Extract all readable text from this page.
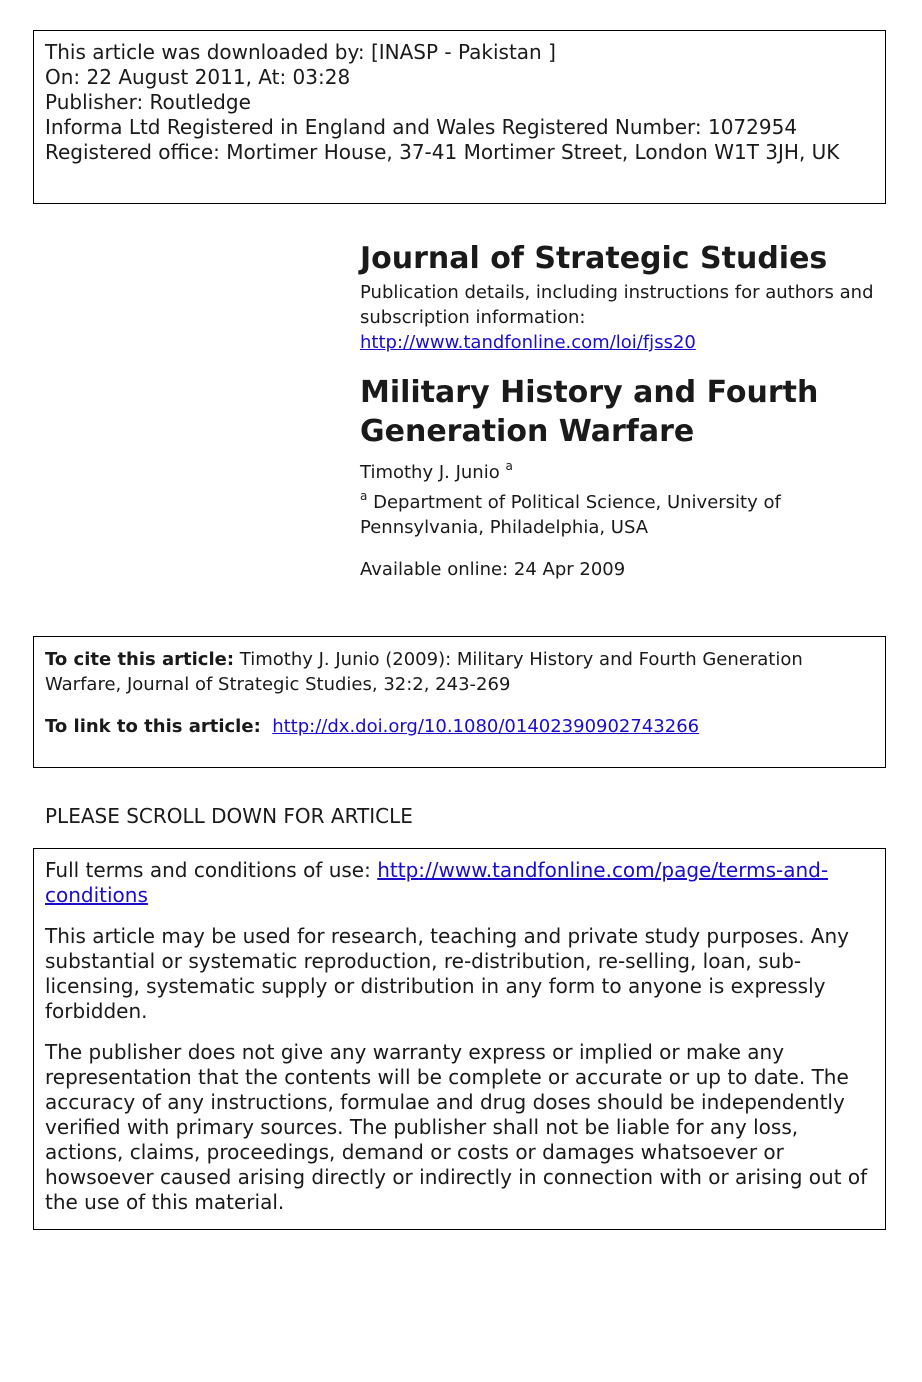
This article was downloaded by: [INASP - Pakistan ]
On: 22 August 2011, At: 03:28
Publisher: Routledge
Informa Ltd Registered in England and Wales Registered Number: 1072954
Registered office: Mortimer House, 37-41 Mortimer Street, London W1T 3JH, UK
Journal of Strategic Studies
Publication details, including instructions for authors and subscription information:
http://www.tandfonline.com/loi/fjss20
Military History and Fourth Generation Warfare
Timothy J. Junio $^a$
$^a$ Department of Political Science, University of Pennsylvania, Philadelphia, USA
Available online: 24 Apr 2009
To cite this article: Timothy J. Junio (2009): Military History and Fourth Generation Warfare, Journal of Strategic Studies, 32:2, 243-269
To link to this article: http://dx.doi.org/10.1080/01402390902743266
PLEASE SCROLL DOWN FOR ARTICLE

Full terms and conditions of use: http://www.tandfonline.com/page/terms-and-conditions

This article may be used for research, teaching and private study purposes. Any substantial or systematic reproduction, re-distribution, re-selling, loan, sub-licensing, systematic supply or distribution in any form to anyone is expressly forbidden.

The publisher does not give any warranty express or implied or make any representation that the contents will be complete or accurate or up to date. The accuracy of any instructions, formulae and drug doses should be independently verified with primary sources. The publisher shall not be liable for any loss, actions, claims, proceedings, demand or costs or damages whatsoever or howsoever caused arising directly or indirectly in connection with or arising out of the use of this material.
